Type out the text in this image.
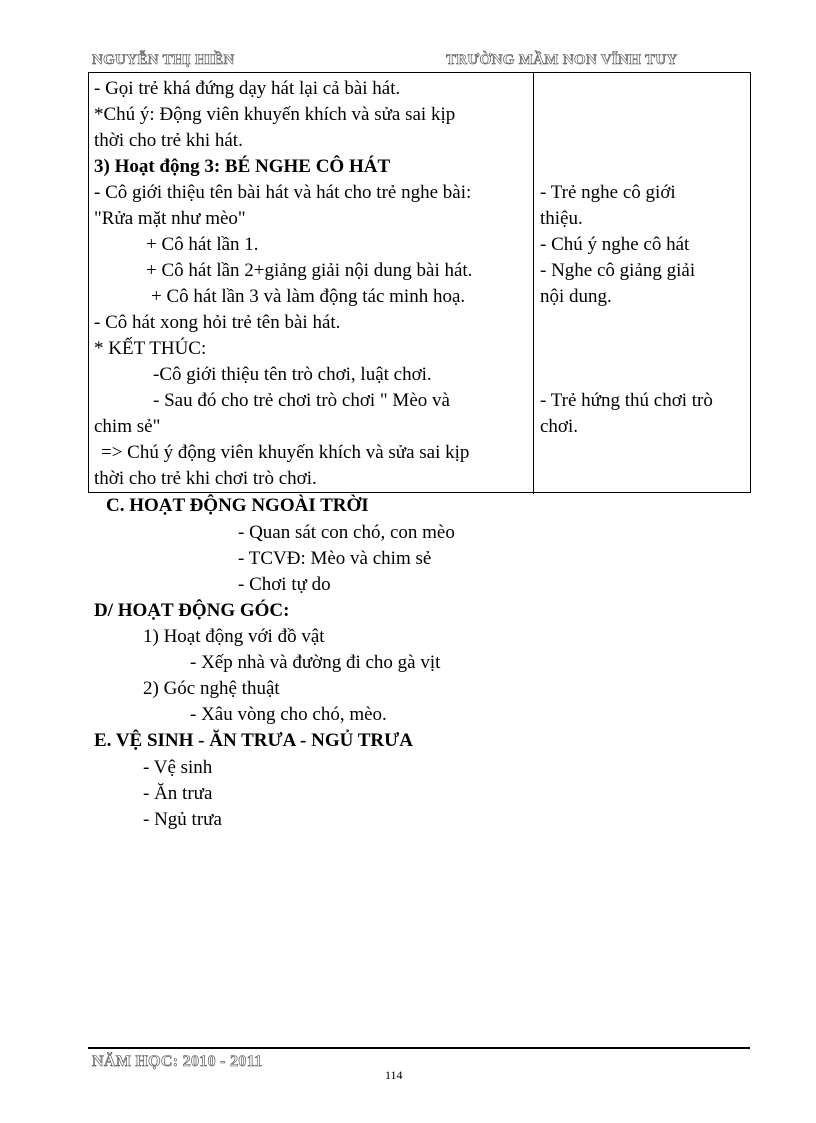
NGUYỄN THỊ HIỀN	TRƯỜNG MẦM NON VĨNH TUY
- Gọi trẻ khá đứng dạy hát lại cả bài hát.
*Chú ý: Động viên khuyến khích và sửa sai kịp
thời cho trẻ khi hát.
3) Hoạt động 3: BÉ NGHE CÔ HÁT
- Cô giới thiệu tên bài hát và hát cho trẻ nghe bài:
"Rửa mặt như mèo"
+ Cô hát lần 1.
+ Cô hát lần 2+giảng giải nội dung bài hát.
+ Cô hát lần 3 và làm động tác minh hoạ.
- Cô hát xong hỏi trẻ tên bài hát.
* KẾT THÚC:
-Cô giới thiệu tên trò chơi, luật chơi.
- Sau đó cho trẻ chơi trò chơi " Mèo và
chim sẻ"
=> Chú ý động viên khuyến khích và sửa sai kịp
thời cho trẻ khi chơi trò chơi.
- Trẻ nghe cô giới
thiệu.
- Chú ý nghe cô hát
- Nghe cô giảng giải
nội dung.
- Trẻ hứng thú chơi trò
chơi.
C. HOẠT ĐỘNG NGOÀI TRỜI
- Quan sát con chó, con mèo
- TCVĐ: Mèo và chim sẻ
- Chơi tự do
D/ HOẠT ĐỘNG GÓC:
1) Hoạt động với đồ vật
- Xếp nhà và đường đi cho gà vịt
2) Góc nghệ thuật
- Xâu vòng cho chó, mèo.
E. VỆ SINH - ĂN TRƯA - NGỦ TRƯA
- Vệ sinh
- Ăn trưa
- Ngủ trưa
NĂM HỌC: 2010 - 2011
114
